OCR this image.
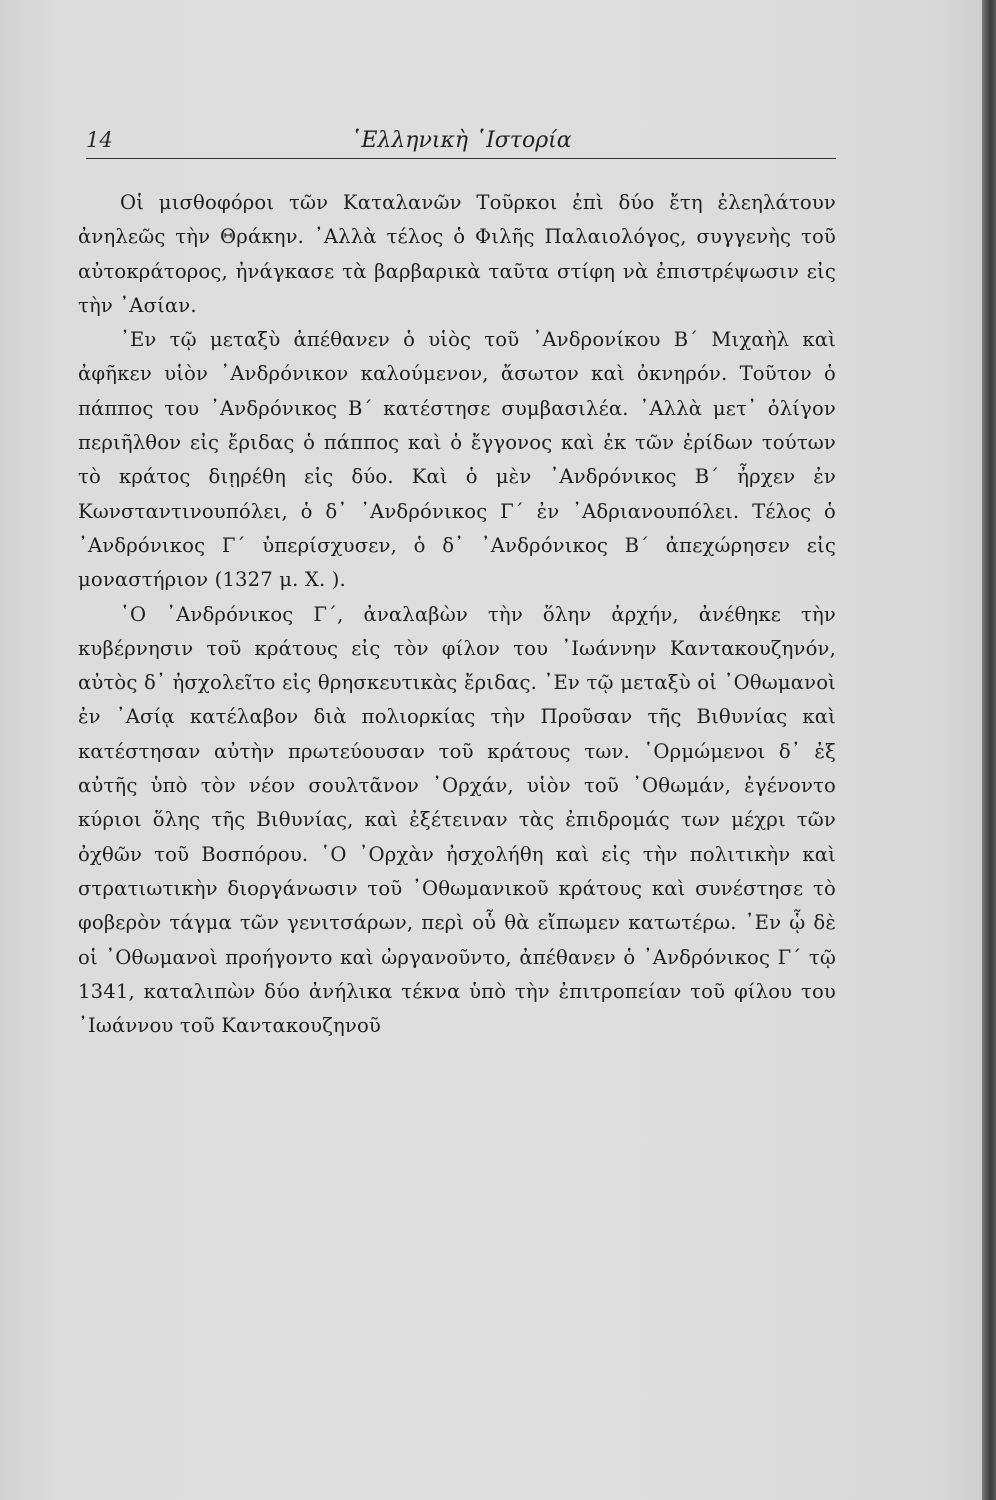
14	῾Ελληνικὴ ῾Ιστορία

Οἱ μισθοφόροι τῶν Καταλανῶν Τοῦρκοι ἐπὶ δύο ἔτη ἐλεηλάτουν ἀνηλεῶς τὴν Θράκην. ᾿Αλλὰ τέλος ὁ Φιλῆς Παλαιολόγος, συγγενὴς τοῦ αὐτοκράτορος, ἠνάγκασε τὰ βαρβαρικὰ ταῦτα στίφη νὰ ἐπιστρέψωσιν εἰς τὴν ᾿Ασίαν.

᾿Εν τῷ μεταξὺ ἀπέθανεν ὁ υἱὸς τοῦ ᾿Ανδρονίκου Β΄ Μιχαὴλ καὶ ἀφῆκεν υἱὸν ᾿Ανδρόνικον καλούμενον, ἄσωτον καὶ ὀκνηρόν. Τοῦτον ὁ πάππος του ᾿Ανδρόνικος Β΄ κατέστησε συμβασιλέα. ᾿Αλλὰ μετ᾿ ὀλίγον περιῆλθον εἰς ἔριδας ὁ πάππος καὶ ὁ ἔγγονος καὶ ἐκ τῶν ἐρίδων τούτων τὸ κράτος διῃρέθη εἰς δύο. Καὶ ὁ μὲν ᾿Ανδρόνικος Β΄ ἦρχεν ἐν Κωνσταντινουπόλει, ὁ δ᾿ ᾿Ανδρόνικος Γ΄ ἐν ᾿Αδριανουπόλει. Τέλος ὁ ᾿Ανδρόνικος Γ΄ ὑπερίσχυσεν, ὁ δ᾿ ᾿Ανδρόνικος Β΄ ἀπεχώρησεν εἰς μοναστήριον (1327 μ. Χ. ).

῾Ο ᾿Ανδρόνικος Γ΄, ἀναλαβὼν τὴν ὅλην ἀρχήν, ἀνέθηκε τὴν κυβέρνησιν τοῦ κράτους εἰς τὸν φίλον του ᾿Ιωάννην Καντακουζηνόν, αὐτὸς δ᾿ ἠσχολεῖτο εἰς θρησκευτικὰς ἔριδας. ᾿Εν τῷ μεταξὺ οἱ ᾿Οθωμανοὶ ἐν ᾿Ασίᾳ κατέλαβον διὰ πολιορκίας τὴν Προῦσαν τῆς Βιθυνίας καὶ κατέστησαν αὐτὴν πρωτεύουσαν τοῦ κράτους των. ῾Ορμώμενοι δ᾿ ἐξ αὐτῆς ὑπὸ τὸν νέον σουλτᾶνον ᾿Ορχάν, υἱὸν τοῦ ᾿Οθωμάν, ἐγένοντο κύριοι ὅλης τῆς Βιθυνίας, καὶ ἐξέτειναν τὰς ἐπιδρομάς των μέχρι τῶν ὀχθῶν τοῦ Βοσπόρου. ῾Ο ᾿Ορχὰν ἠσχολήθη καὶ εἰς τὴν πολιτικὴν καὶ στρατιωτικὴν διοργάνωσιν τοῦ ᾿Οθωμανικοῦ κράτους καὶ συνέστησε τὸ φοβερὸν τάγμα τῶν γενιτσάρων, περὶ οὗ θὰ εἴπωμεν κατωτέρω. ᾿Εν ᾧ δὲ οἱ ᾿Οθωμανοὶ προήγοντο καὶ ὠργανοῦντο, ἀπέθανεν ὁ ᾿Ανδρόνικος Γ΄ τῷ 1341, καταλιπὼν δύο ἀνήλικα τέκνα ὑπὸ τὴν ἐπιτροπείαν τοῦ φίλου του ᾿Ιωάννου τοῦ Καντακουζηνοῦ
